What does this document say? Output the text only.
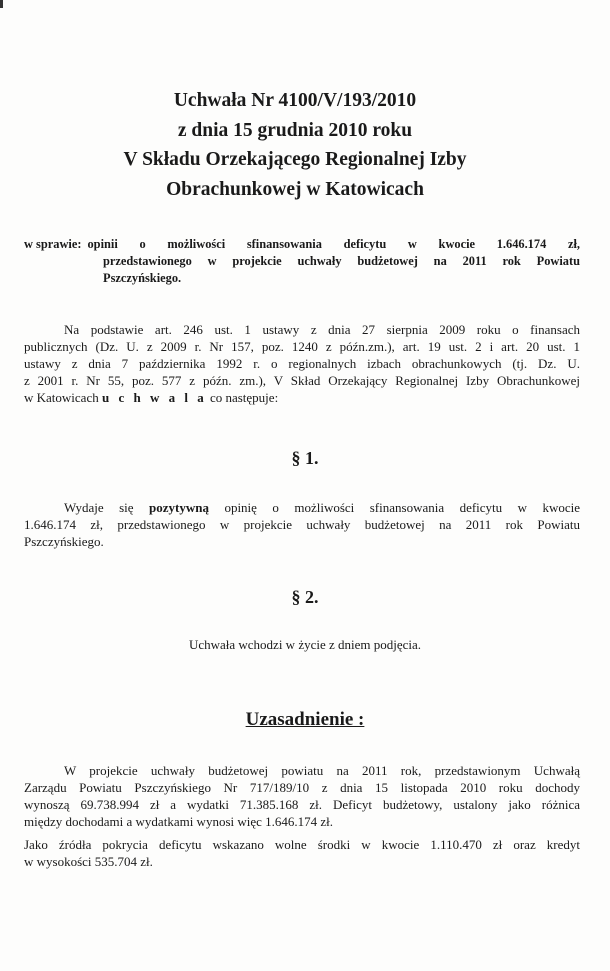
Uchwała Nr 4100/V/193/2010
z dnia 15 grudnia 2010 roku
V Składu Orzekającego Regionalnej Izby
Obrachunkowej w Katowicach
w sprawie: opinii o możliwości sfinansowania deficytu w kwocie 1.646.174 zł,
przedstawionego w projekcie uchwały budżetowej na 2011 rok Powiatu
Pszczyńskiego.
Na podstawie art. 246 ust. 1 ustawy z dnia 27 sierpnia 2009 roku o finansach
publicznych (Dz. U. z 2009 r. Nr 157, poz. 1240 z późn.zm.), art. 19 ust. 2 i art. 20 ust. 1
ustawy z dnia 7 października 1992 r. o regionalnych izbach obrachunkowych (tj. Dz. U.
z 2001 r. Nr 55, poz. 577 z późn. zm.), V Skład Orzekający Regionalnej Izby Obrachunkowej
w Katowicach u c h w a l a co następuje:
§ 1.
Wydaje się pozytywną opinię o możliwości sfinansowania deficytu w kwocie
1.646.174 zł, przedstawionego w projekcie uchwały budżetowej na 2011 rok Powiatu
Pszczyńskiego.
§ 2.
Uchwała wchodzi w życie z dniem podjęcia.
Uzasadnienie :
W projekcie uchwały budżetowej powiatu na 2011 rok, przedstawionym Uchwałą
Zarządu Powiatu Pszczyńskiego Nr 717/189/10 z dnia 15 listopada 2010 roku dochody
wynoszą 69.738.994 zł a wydatki 71.385.168 zł. Deficyt budżetowy, ustalony jako różnica
między dochodami a wydatkami wynosi więc 1.646.174 zł.
Jako źródła pokrycia deficytu wskazano wolne środki w kwocie 1.110.470 zł oraz kredyt
w wysokości 535.704 zł.
